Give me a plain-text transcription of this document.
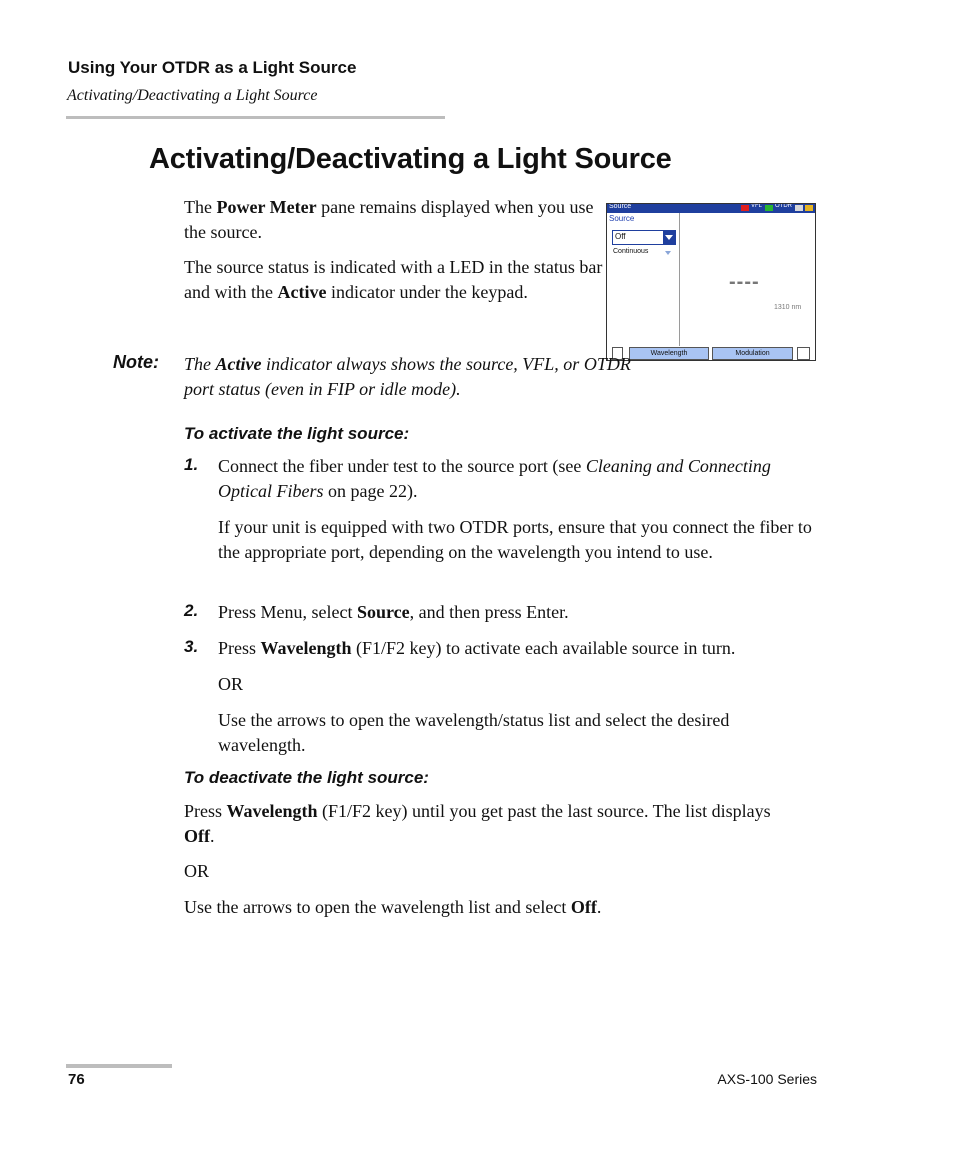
Using Your OTDR as a Light Source
Activating/Deactivating a Light Source
Activating/Deactivating a Light Source

The Power Meter pane remains displayed when you use the source.

The source status is indicated with a LED in the status bar and with the Active indicator under the keypad.

Source	VFL OTDR
Source
Off
Continuous
----
1310 nm
Wavelength	Modulation
Note: The Active indicator always shows the source, VFL, or OTDR port status (even in FIP or idle mode).

To activate the light source:
1. Connect the fiber under test to the source port (see Cleaning and Connecting Optical Fibers on page 22).

If your unit is equipped with two OTDR ports, ensure that you connect the fiber to the appropriate port, depending on the wavelength you intend to use.

2. Press Menu, select Source, and then press Enter.

3. Press Wavelength (F1/F2 key) to activate each available source in turn.

OR

Use the arrows to open the wavelength/status list and select the desired wavelength.

To deactivate the light source:

Press Wavelength (F1/F2 key) until you get past the last source. The list displays Off.

OR

Use the arrows to open the wavelength list and select Off.

76	AXS-100 Series
